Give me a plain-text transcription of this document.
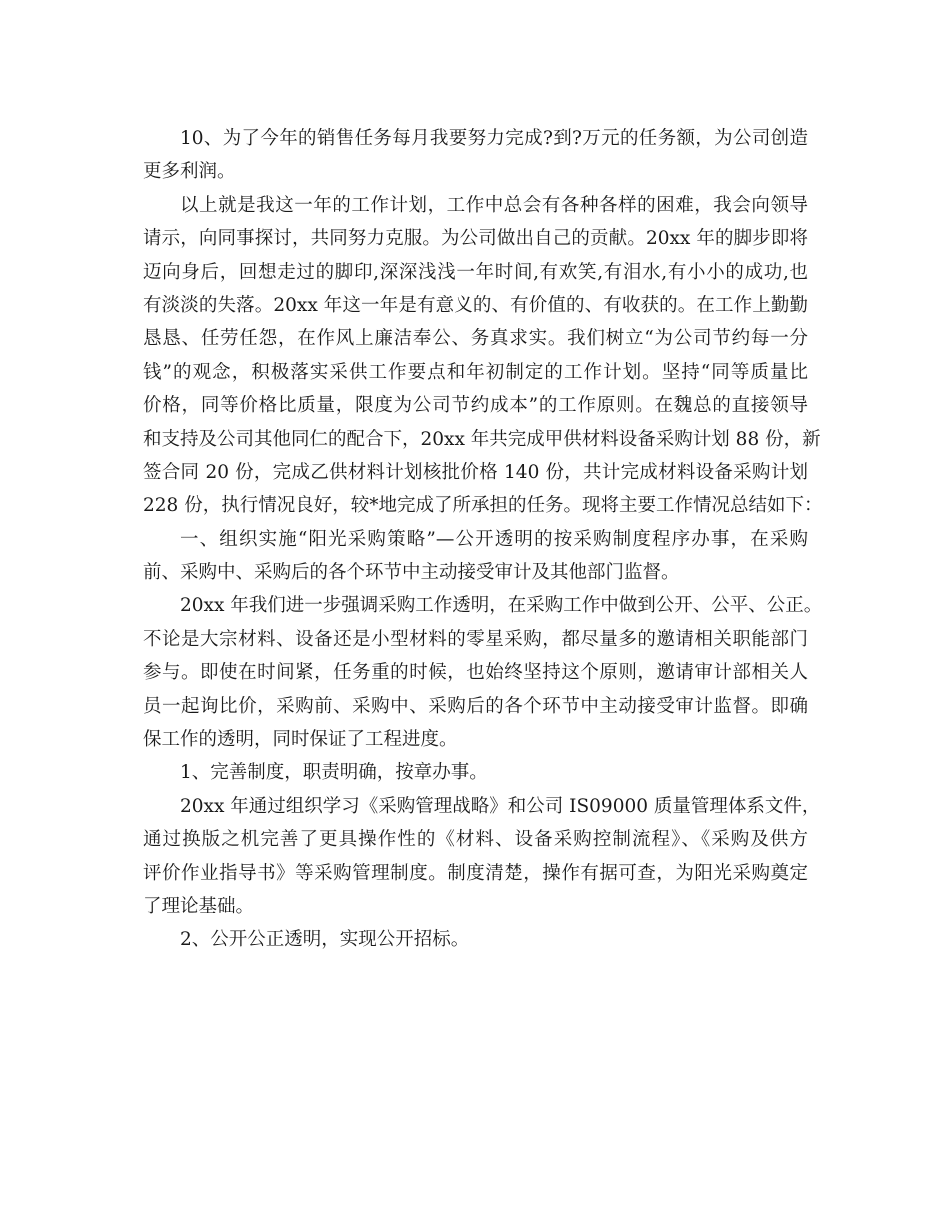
10、为了今年的销售任务每月我要努力完成?到?万元的任务额，为公司创造
更多利润。
以上就是我这一年的工作计划，工作中总会有各种各样的困难，我会向领导
请示，向同事探讨，共同努力克服。为公司做出自己的贡献。20xx 年的脚步即将
迈向身后，回想走过的脚印,深深浅浅一年时间,有欢笑,有泪水,有小小的成功,也
有淡淡的失落。20xx 年这一年是有意义的、有价值的、有收获的。在工作上勤勤
恳恳、任劳任怨，在作风上廉洁奉公、务真求实。我们树立“为公司节约每一分
钱”的观念，积极落实采供工作要点和年初制定的工作计划。坚持“同等质量比
价格，同等价格比质量，限度为公司节约成本”的工作原则。在魏总的直接领导
和支持及公司其他同仁的配合下，20xx 年共完成甲供材料设备采购计划 88 份，新
签合同 20 份，完成乙供材料计划核批价格 140 份，共计完成材料设备采购计划
228 份，执行情况良好，较*地完成了所承担的任务。现将主要工作情况总结如下：
一、组织实施“阳光采购策略”—公开透明的按采购制度程序办事，在采购
前、采购中、采购后的各个环节中主动接受审计及其他部门监督。
20xx 年我们进一步强调采购工作透明，在采购工作中做到公开、公平、公正。
不论是大宗材料、设备还是小型材料的零星采购，都尽量多的邀请相关职能部门
参与。即使在时间紧，任务重的时候，也始终坚持这个原则，邀请审计部相关人
员一起询比价，采购前、采购中、采购后的各个环节中主动接受审计监督。即确
保工作的透明，同时保证了工程进度。
1、完善制度，职责明确，按章办事。
20xx 年通过组织学习《采购管理战略》和公司 IS09000 质量管理体系文件，
通过换版之机完善了更具操作性的《材料、设备采购控制流程》、《采购及供方
评价作业指导书》等采购管理制度。制度清楚，操作有据可查，为阳光采购奠定
了理论基础。
2、公开公正透明，实现公开招标。
